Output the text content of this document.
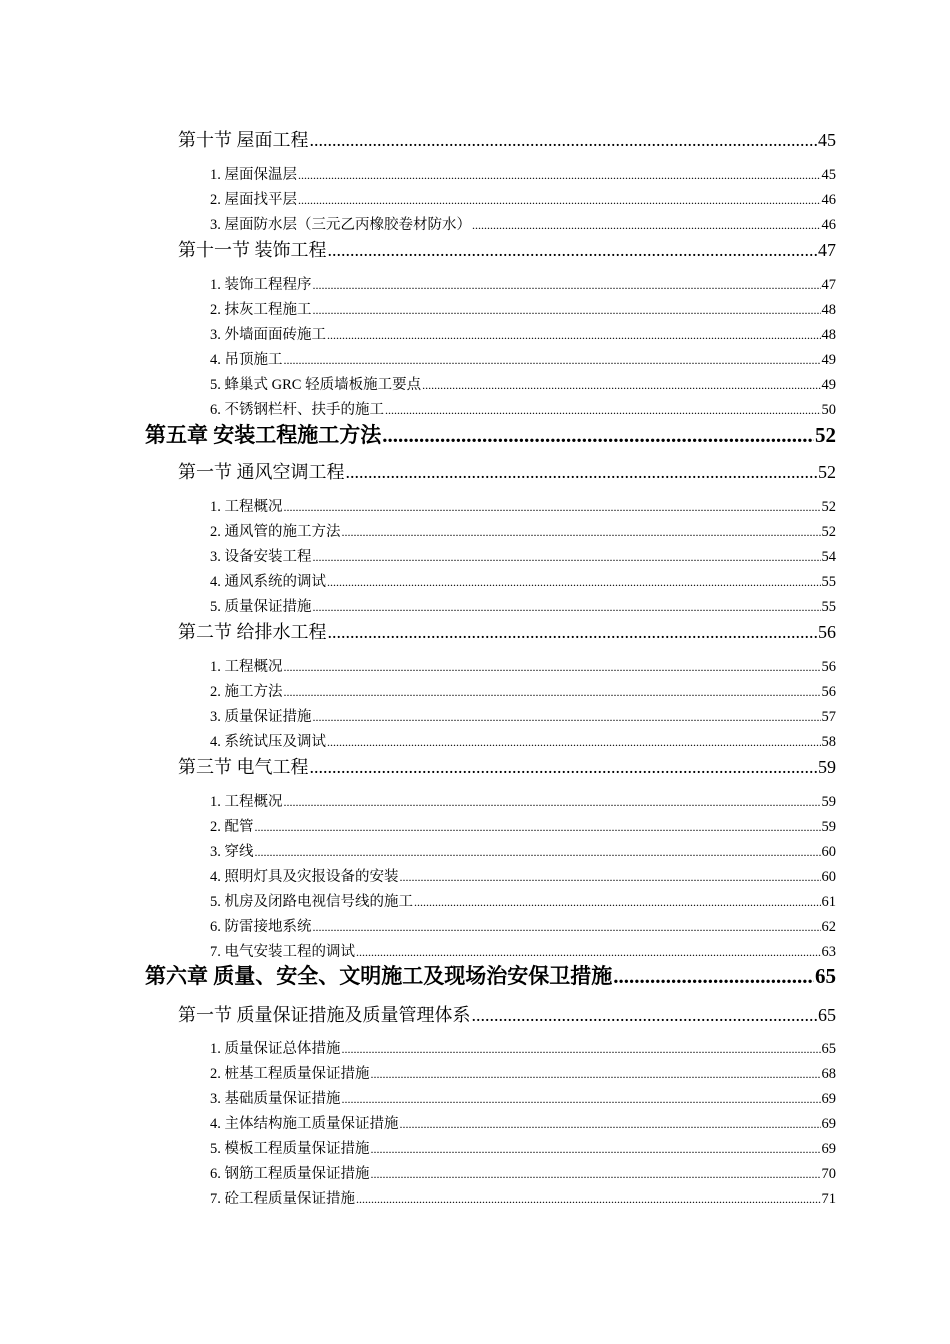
第十节 屋面工程 .....	45
1. 屋面保温层 .....	45
2. 屋面找平层 .....	46
3. 屋面防水层（三元乙丙橡胶卷材防水） .....	46
第十一节 装饰工程 .....	47
1. 装饰工程程序 .....	47
2. 抹灰工程施工 .....	48
3. 外墙面面砖施工 .....	48
4. 吊顶施工 .....	49
5. 蜂巢式 GRC 轻质墙板施工要点 .....	49
6. 不锈钢栏杆、扶手的施工 .....	50
第五章 安装工程施工方法 .....	52
第一节 通风空调工程 .....	52
1. 工程概况 .....	52
2. 通风管的施工方法 .....	52
3. 设备安装工程 .....	54
4. 通风系统的调试 .....	55
5. 质量保证措施 .....	55
第二节 给排水工程 .....	56
1. 工程概况 .....	56
2. 施工方法 .....	56
3. 质量保证措施 .....	57
4. 系统试压及调试 .....	58
第三节 电气工程 .....	59
1. 工程概况 .....	59
2. 配管 .....	59
3. 穿线 .....	60
4. 照明灯具及灾报设备的安装 .....	60
5. 机房及闭路电视信号线的施工 .....	61
6. 防雷接地系统 .....	62
7. 电气安装工程的调试 .....	63
第六章 质量、安全、文明施工及现场治安保卫措施 .....	65
第一节 质量保证措施及质量管理体系 .....	65
1. 质量保证总体措施 .....	65
2. 桩基工程质量保证措施 .....	68
3. 基础质量保证措施 .....	69
4. 主体结构施工质量保证措施 .....	69
5. 模板工程质量保证措施 .....	69
6. 钢筋工程质量保证措施 .....	70
7. 砼工程质量保证措施 .....	71
